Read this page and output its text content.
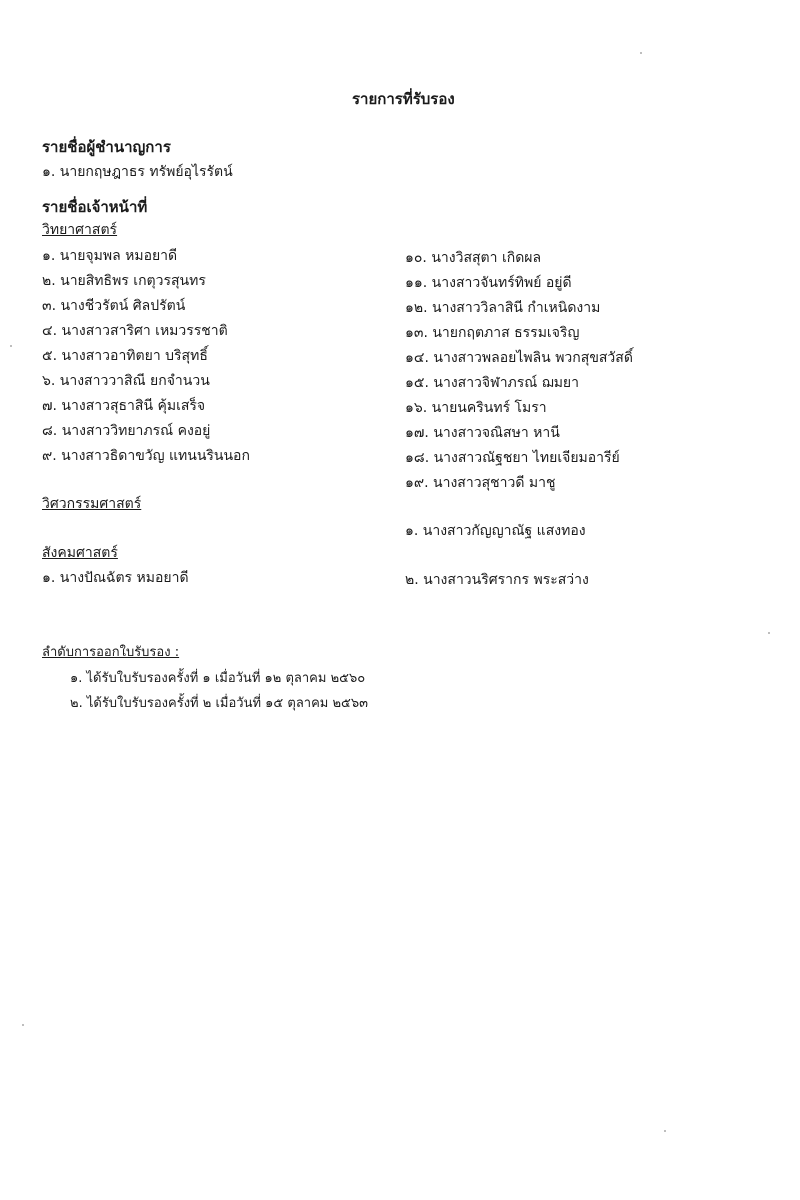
รายการที่รับรอง
รายชื่อผู้ชำนาญการ
๑. นายกฤษฎาธร ทรัพย์อุไรรัตน์
รายชื่อเจ้าหน้าที่
วิทยาศาสตร์
๑. นายจุมพล หมอยาดี
๒. นายสิทธิพร เกตุวรสุนทร
๓. นางชีวรัตน์ ศิลปรัตน์
๔. นางสาวสาริศา เหมวรรชาติ
๕. นางสาวอาทิตยา บริสุทธิ์
๖. นางสาววาสิณี ยกจำนวน
๗. นางสาวสุธาสินี คุ้มเสร็จ
๘. นางสาววิทยาภรณ์ คงอยู่
๙. นางสาวธิดาขวัญ แทนนรินนอก
๑๐. นางวิสสุตา เกิดผล
๑๑. นางสาวจันทร์ทิพย์ อยู่ดี
๑๒. นางสาววิลาสินี กำเหนิดงาม
๑๓. นายกฤตภาส ธรรมเจริญ
๑๔. นางสาวพลอยไพลิน พวกสุขสวัสดิ์
๑๕. นางสาวจิฬาภรณ์ ฌมยา
๑๖. นายนครินทร์ โมรา
๑๗. นางสาวจณิสษา หานี
๑๘. นางสาวณัฐชยา ไทยเจียมอารีย์
๑๙. นางสาวสุชาวดี มาชู
วิศวกรรมศาสตร์
๑. นางสาวกัญญาณัฐ แสงทอง
สังคมศาสตร์
๑. นางปัณฉัตร หมอยาดี	๒. นางสาวนริศรากร พระสว่าง
ลำดับการออกใบรับรอง :
๑. ได้รับใบรับรองครั้งที่ ๑ เมื่อวันที่ ๑๒ ตุลาคม ๒๕๖๐
๒. ได้รับใบรับรองครั้งที่ ๒ เมื่อวันที่ ๑๕ ตุลาคม ๒๕๖๓
